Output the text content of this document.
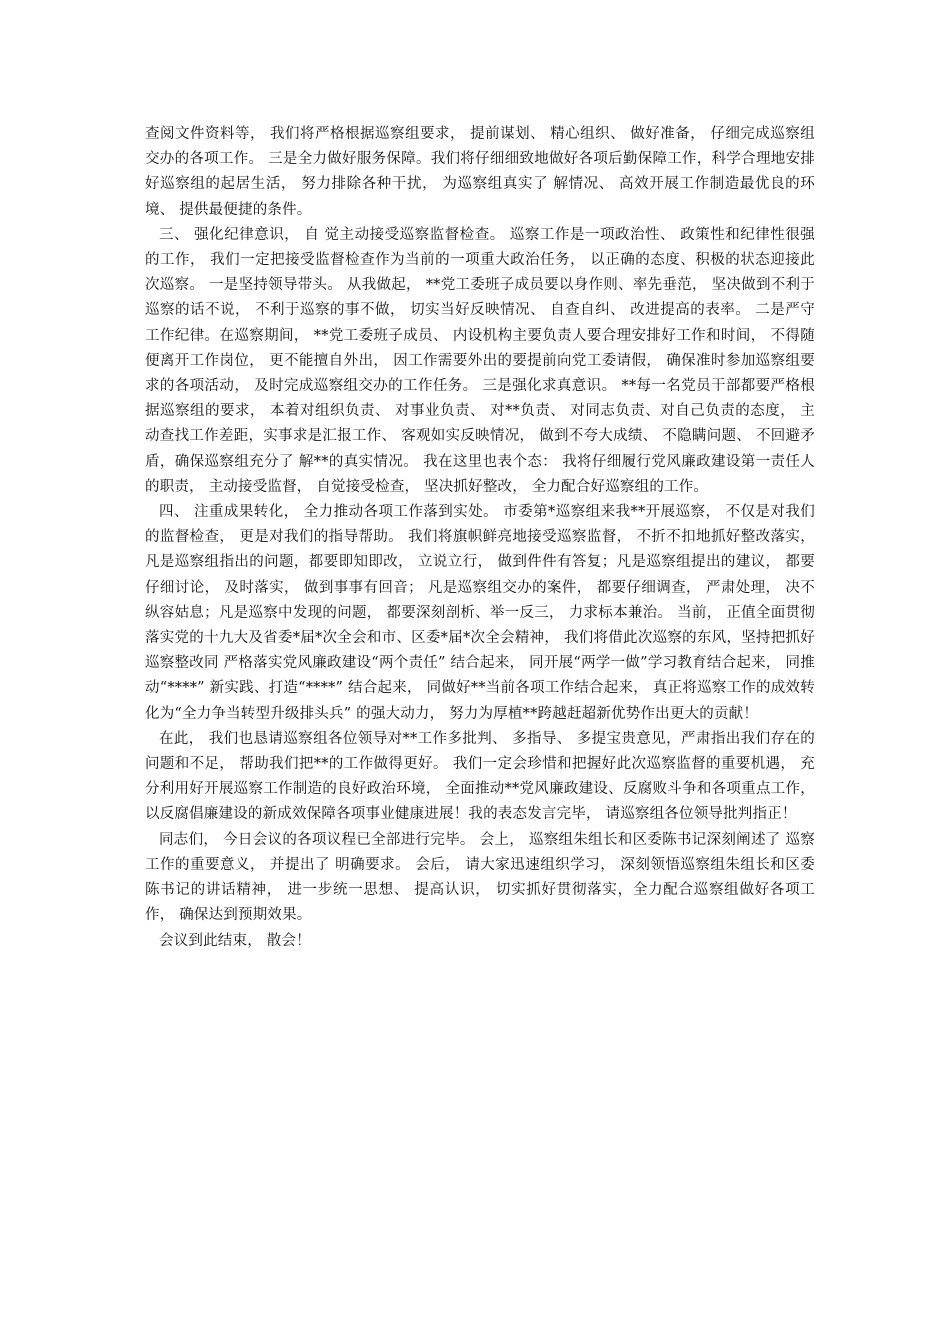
查阅文件资料等， 我们将严格根据巡察组要求， 提前谋划、 精心组织、 做好准备， 仔细完成巡察组交办的各项工作。 三是全力做好服务保障。我们将仔细细致地做好各项后勤保障工作，科学合理地安排好巡察组的起居生活， 努力排除各种干扰， 为巡察组真实了 解情况、 高效开展工作制造最优良的环境、 提供最便捷的条件。

三、 强化纪律意识， 自 觉主动接受巡察监督检查。 巡察工作是一项政治性、 政策性和纪律性很强的工作， 我们一定把接受监督检查作为当前的一项重大政治任务， 以正确的态度、积极的状态迎接此次巡察。 一是坚持领导带头。 从我做起， **党工委班子成员要以身作则、率先垂范， 坚决做到不利于巡察的话不说， 不利于巡察的事不做， 切实当好反映情况、 自查自纠、 改进提高的表率。 二是严守工作纪律。在巡察期间， **党工委班子成员、 内设机构主要负责人要合理安排好工作和时间， 不得随便离开工作岗位， 更不能擅自外出， 因工作需要外出的要提前向党工委请假， 确保准时参加巡察组要求的各项活动， 及时完成巡察组交办的工作任务。 三是强化求真意识。 **每一名党员干部都要严格根据巡察组的要求， 本着对组织负责、 对事业负责、 对**负责、 对同志负责、对自己负责的态度， 主动查找工作差距，实事求是汇报工作、 客观如实反映情况， 做到不夸大成绩、 不隐瞒问题、 不回避矛盾，确保巡察组充分了 解**的真实情况。 我在这里也表个态： 我将仔细履行党风廉政建设第一责任人的职责， 主动接受监督， 自觉接受检查， 坚决抓好整改， 全力配合好巡察组的工作。

四、 注重成果转化， 全力推动各项工作落到实处。 市委第*巡察组来我**开展巡察， 不仅是对我们的监督检查， 更是对我们的指导帮助。 我们将旗帜鲜亮地接受巡察监督， 不折不扣地抓好整改落实， 凡是巡察组指出的问题，都要即知即改， 立说立行， 做到件件有答复；凡是巡察组提出的建议， 都要仔细讨论， 及时落实， 做到事事有回音； 凡是巡察组交办的案件， 都要仔细调查， 严肃处理， 决不纵容姑息；凡是巡察中发现的问题， 都要深刻剖析、举一反三， 力求标本兼治。 当前， 正值全面贯彻落实党的十九大及省委*届*次全会和市、区委*届*次全会精神， 我们将借此次巡察的东风，坚持把抓好巡察整改同 严格落实党风廉政建设“两个责任” 结合起来， 同开展“两学一做”学习教育结合起来， 同推动“****” 新实践、打造“****” 结合起来， 同做好**当前各项工作结合起来， 真正将巡察工作的成效转化为“全力争当转型升级排头兵” 的强大动力， 努力为厚植**跨越赶超新优势作出更大的贡献！

在此， 我们也恳请巡察组各位领导对**工作多批判、 多指导、 多提宝贵意见，严肃指出我们存在的问题和不足， 帮助我们把**的工作做得更好。 我们一定会珍惜和把握好此次巡察监督的重要机遇， 充分利用好开展巡察工作制造的良好政治环境， 全面推动**党风廉政建设、反腐败斗争和各项重点工作， 以反腐倡廉建设的新成效保障各项事业健康进展！我的表态发言完毕， 请巡察组各位领导批判指正！

同志们， 今日会议的各项议程已全部进行完毕。 会上， 巡察组朱组长和区委陈书记深刻阐述了 巡察工作的重要意义， 并提出了 明确要求。 会后， 请大家迅速组织学习， 深刻领悟巡察组朱组长和区委陈书记的讲话精神， 进一步统一思想、 提高认识， 切实抓好贯彻落实，全力配合巡察组做好各项工作， 确保达到预期效果。

会议到此结束， 散会！
